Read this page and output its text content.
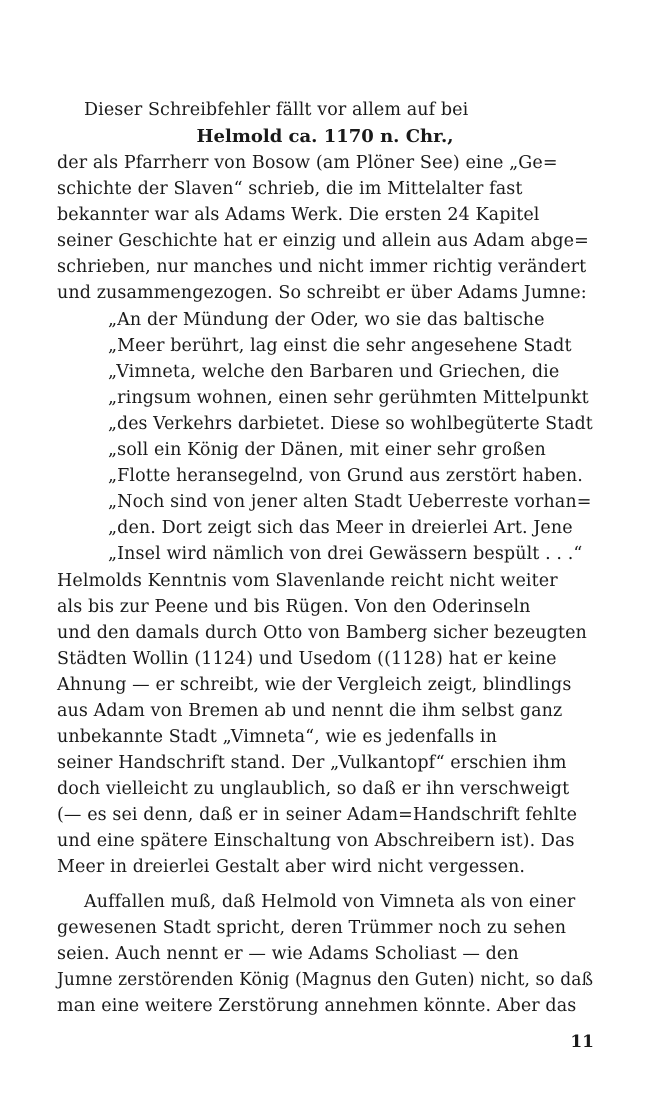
Dieser Schreibfehler fällt vor allem auf bei
Helmold ca. 1170 n. Chr.,
der als Pfarrherr von Bosow (am Plöner See) eine „Ge=
schichte der Slaven“ schrieb, die im Mittelalter fast
bekannter war als Adams Werk. Die ersten 24 Kapitel
seiner Geschichte hat er einzig und allein aus Adam abge=
schrieben, nur manches und nicht immer richtig verändert
und zusammengezogen. So schreibt er über Adams Jumne:
„An der Mündung der Oder, wo sie das baltische
„Meer berührt, lag einst die sehr angesehene Stadt
„Vimneta, welche den Barbaren und Griechen, die
„ringsum wohnen, einen sehr gerühmten Mittelpunkt
„des Verkehrs darbietet. Diese so wohlbegüterte Stadt
„soll ein König der Dänen, mit einer sehr großen
„Flotte heransegelnd, von Grund aus zerstört haben.
„Noch sind von jener alten Stadt Ueberreste vorhan=
„den. Dort zeigt sich das Meer in dreierlei Art. Jene
„Insel wird nämlich von drei Gewässern bespült . . .“
Helmolds Kenntnis vom Slavenlande reicht nicht weiter
als bis zur Peene und bis Rügen. Von den Oderinseln
und den damals durch Otto von Bamberg sicher bezeugten
Städten Wollin (1124) und Usedom ((1128) hat er keine
Ahnung — er schreibt, wie der Vergleich zeigt, blindlings
aus Adam von Bremen ab und nennt die ihm selbst ganz
unbekannte Stadt „Vimneta“, wie es jedenfalls in
seiner Handschrift stand. Der „Vulkantopf“ erschien ihm
doch vielleicht zu unglaublich, so daß er ihn verschweigt
(— es sei denn, daß er in seiner Adam=Handschrift fehlte
und eine spätere Einschaltung von Abschreibern ist). Das
Meer in dreierlei Gestalt aber wird nicht vergessen.
Auffallen muß, daß Helmold von Vimneta als von einer
gewesenen Stadt spricht, deren Trümmer noch zu sehen
seien. Auch nennt er — wie Adams Scholiast — den
Jumne zerstörenden König (Magnus den Guten) nicht, so daß
man eine weitere Zerstörung annehmen könnte. Aber das
11
